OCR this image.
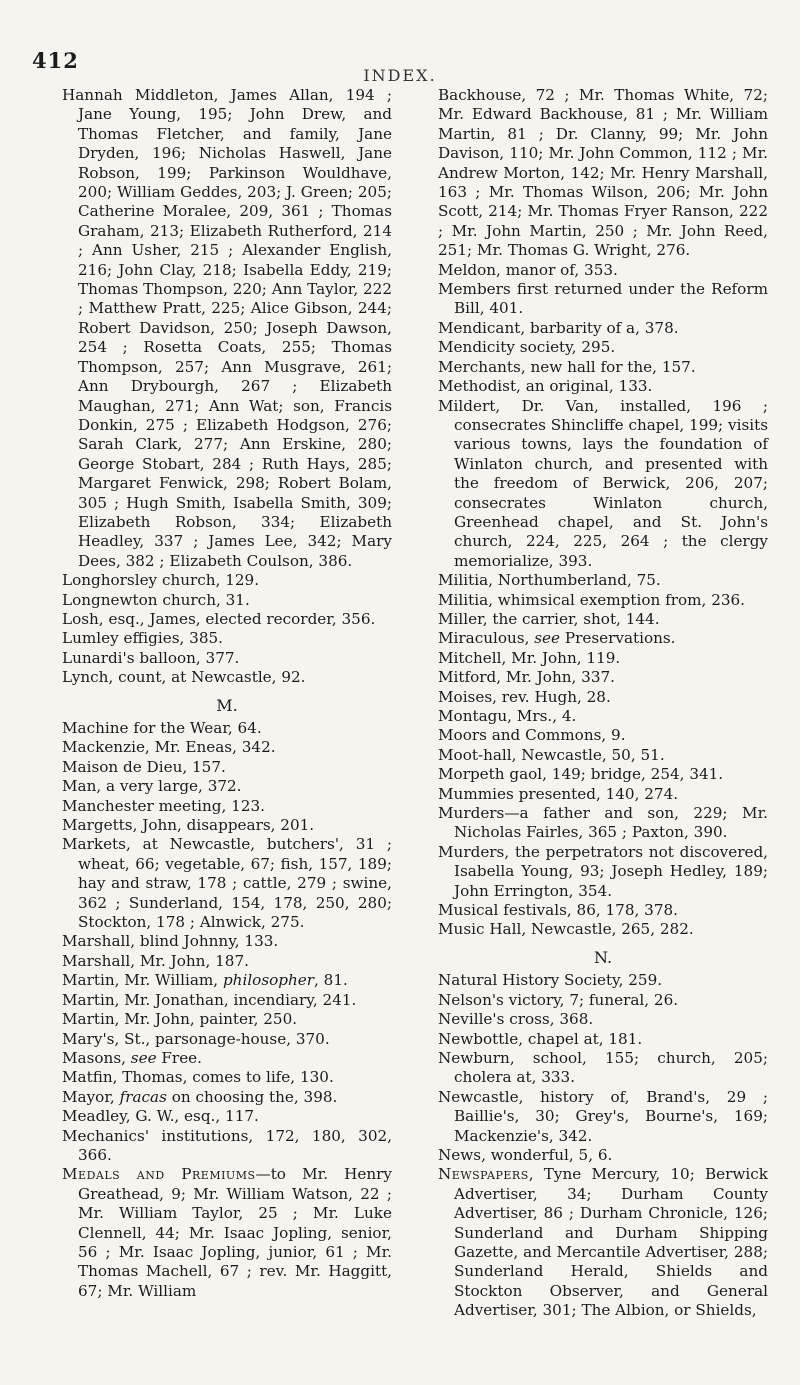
412
INDEX.

Hannah Middleton, James Allan, 194 ; Jane Young, 195; John Drew, and Thomas Fletcher, and family, Jane Dryden, 196; Nicholas Haswell, Jane Robson, 199; Parkinson Wouldhave, 200; William Geddes, 203; J. Green; 205; Catherine Moralee, 209, 361 ; Thomas Graham, 213; Elizabeth Rutherford, 214 ; Ann Usher, 215 ; Alexander English, 216; John Clay, 218; Isabella Eddy, 219; Thomas Thompson, 220; Ann Taylor, 222 ; Matthew Pratt, 225; Alice Gibson, 244; Robert Davidson, 250; Joseph Dawson, 254 ; Rosetta Coats, 255; Thomas Thompson, 257; Ann Musgrave, 261; Ann Drybourgh, 267 ; Elizabeth Maughan, 271; Ann Wat; son, Francis Donkin, 275 ; Elizabeth Hodgson, 276; Sarah Clark, 277; Ann Erskine, 280; George Stobart, 284 ; Ruth Hays, 285; Margaret Fenwick, 298; Robert Bolam, 305 ; Hugh Smith, Isabella Smith, 309; Elizabeth Robson, 334; Elizabeth Headley, 337 ; James Lee, 342; Mary Dees, 382 ; Elizabeth Coulson, 386.

Longhorsley church, 129.

Longnewton church, 31.

Losh, esq., James, elected recorder, 356.

Lumley effigies, 385.

Lunardi's balloon, 377.

Lynch, count, at Newcastle, 92.

M.

Machine for the Wear, 64.

Mackenzie, Mr. Eneas, 342.

Maison de Dieu, 157.

Man, a very large, 372.

Manchester meeting, 123.

Margetts, John, disappears, 201.

Markets, at Newcastle, butchers', 31 ; wheat, 66; vegetable, 67; fish, 157, 189; hay and straw, 178 ; cattle, 279 ; swine, 362 ; Sunderland, 154, 178, 250, 280; Stockton, 178 ; Alnwick, 275.

Marshall, blind Johnny, 133.

Marshall, Mr. John, 187.

Martin, Mr. William, philosopher, 81.

Martin, Mr. Jonathan, incendiary, 241.

Martin, Mr. John, painter, 250.

Mary's, St., parsonage-house, 370.

Masons, see Free.

Matfin, Thomas, comes to life, 130.

Mayor, fracas on choosing the, 398.

Meadley, G. W., esq., 117.

Mechanics' institutions, 172, 180, 302, 366.

Medals and Premiums—to Mr. Henry Greathead, 9; Mr. William Watson, 22 ; Mr. William Taylor, 25 ; Mr. Luke Clennell, 44; Mr. Isaac Jopling, senior, 56 ; Mr. Isaac Jopling, junior, 61 ; Mr. Thomas Machell, 67 ; rev. Mr. Haggitt, 67; Mr. William

Backhouse, 72 ; Mr. Thomas White, 72; Mr. Edward Backhouse, 81 ; Mr. William Martin, 81 ; Dr. Clanny, 99; Mr. John Davison, 110; Mr. John Common, 112 ; Mr. Andrew Morton, 142; Mr. Henry Marshall, 163 ; Mr. Thomas Wilson, 206; Mr. John Scott, 214; Mr. Thomas Fryer Ranson, 222 ; Mr. John Martin, 250 ; Mr. John Reed, 251; Mr. Thomas G. Wright, 276.

Meldon, manor of, 353.

Members first returned under the Reform Bill, 401.

Mendicant, barbarity of a, 378.

Mendicity society, 295.

Merchants, new hall for the, 157.

Methodist, an original, 133.

Mildert, Dr. Van, installed, 196 ; consecrates Shincliffe chapel, 199; visits various towns, lays the foundation of Winlaton church, and presented with the freedom of Berwick, 206, 207; consecrates Winlaton church, Greenhead chapel, and St. John's church, 224, 225, 264 ; the clergy memorialize, 393.

Militia, Northumberland, 75.

Militia, whimsical exemption from, 236.

Miller, the carrier, shot, 144.

Miraculous, see Preservations.

Mitchell, Mr. John, 119.

Mitford, Mr. John, 337.

Moises, rev. Hugh, 28.

Montagu, Mrs., 4.

Moors and Commons, 9.

Moot-hall, Newcastle, 50, 51.

Morpeth gaol, 149; bridge, 254, 341.

Mummies presented, 140, 274.

Murders—a father and son, 229; Mr. Nicholas Fairles, 365 ; Paxton, 390.

Murders, the perpetrators not discovered, Isabella Young, 93; Joseph Hedley, 189; John Errington, 354.

Musical festivals, 86, 178, 378.

Music Hall, Newcastle, 265, 282.

N.

Natural History Society, 259.

Nelson's victory, 7; funeral, 26.

Neville's cross, 368.

Newbottle, chapel at, 181.

Newburn, school, 155; church, 205; cholera at, 333.

Newcastle, history of, Brand's, 29 ; Baillie's, 30; Grey's, Bourne's, 169; Mackenzie's, 342.

News, wonderful, 5, 6.

Newspapers, Tyne Mercury, 10; Berwick Advertiser, 34; Durham County Advertiser, 86 ; Durham Chronicle, 126; Sunderland and Durham Shipping Gazette, and Mercantile Advertiser, 288; Sunderland Herald, Shields and Stockton Observer, and General Advertiser, 301; The Albion, or Shields,
